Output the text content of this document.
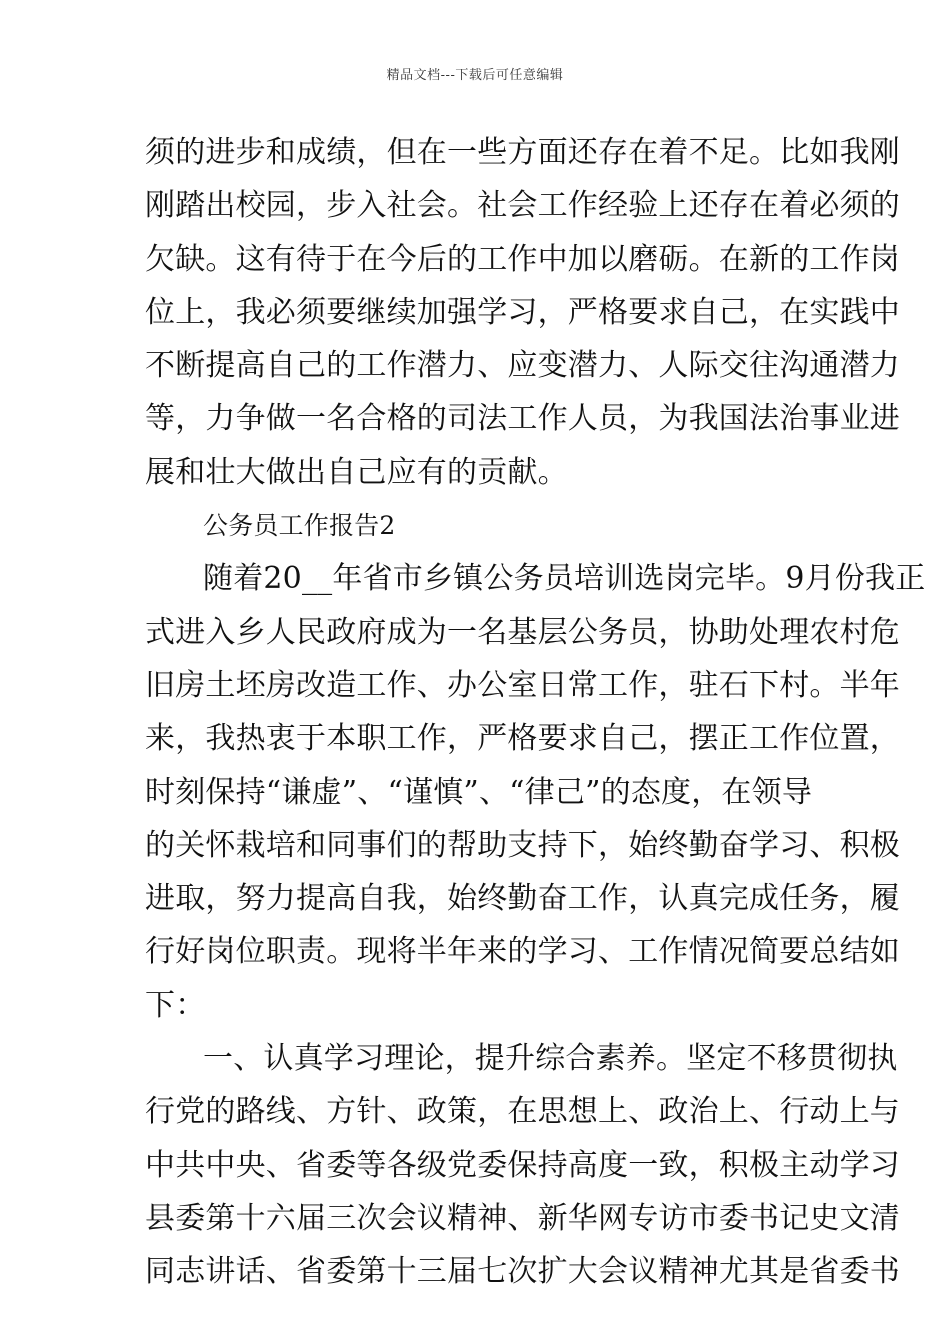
精品文档---下载后可任意编辑
须的进步和成绩，但在一些方面还存在着不足。比如我刚
刚踏出校园，步入社会。社会工作经验上还存在着必须的
欠缺。这有待于在今后的工作中加以磨砺。在新的工作岗
位上，我必须要继续加强学习，严格要求自己，在实践中
不断提高自己的工作潜力、应变潜力、人际交往沟通潜力
等，力争做一名合格的司法工作人员，为我国法治事业进
展和壮大做出自己应有的贡献。
公务员工作报告2
随着20__年省市乡镇公务员培训选岗完毕。9月份我正
式进入乡人民政府成为一名基层公务员，协助处理农村危
旧房土坯房改造工作、办公室日常工作，驻石下村。半年
来，我热衷于本职工作，严格要求自己，摆正工作位置，
时刻保持“谦虚”、“谨慎”、“律己”的态度，在领导
的关怀栽培和同事们的帮助支持下，始终勤奋学习、积极
进取，努力提高自我，始终勤奋工作，认真完成任务，履
行好岗位职责。现将半年来的学习、工作情况简要总结如
下：
一、认真学习理论，提升综合素养。坚定不移贯彻执
行党的路线、方针、政策，在思想上、政治上、行动上与
中共中央、省委等各级党委保持高度一致，积极主动学习
县委第十六届三次会议精神、新华网专访市委书记史文清
同志讲话、省委第十三届七次扩大会议精神尤其是省委书
